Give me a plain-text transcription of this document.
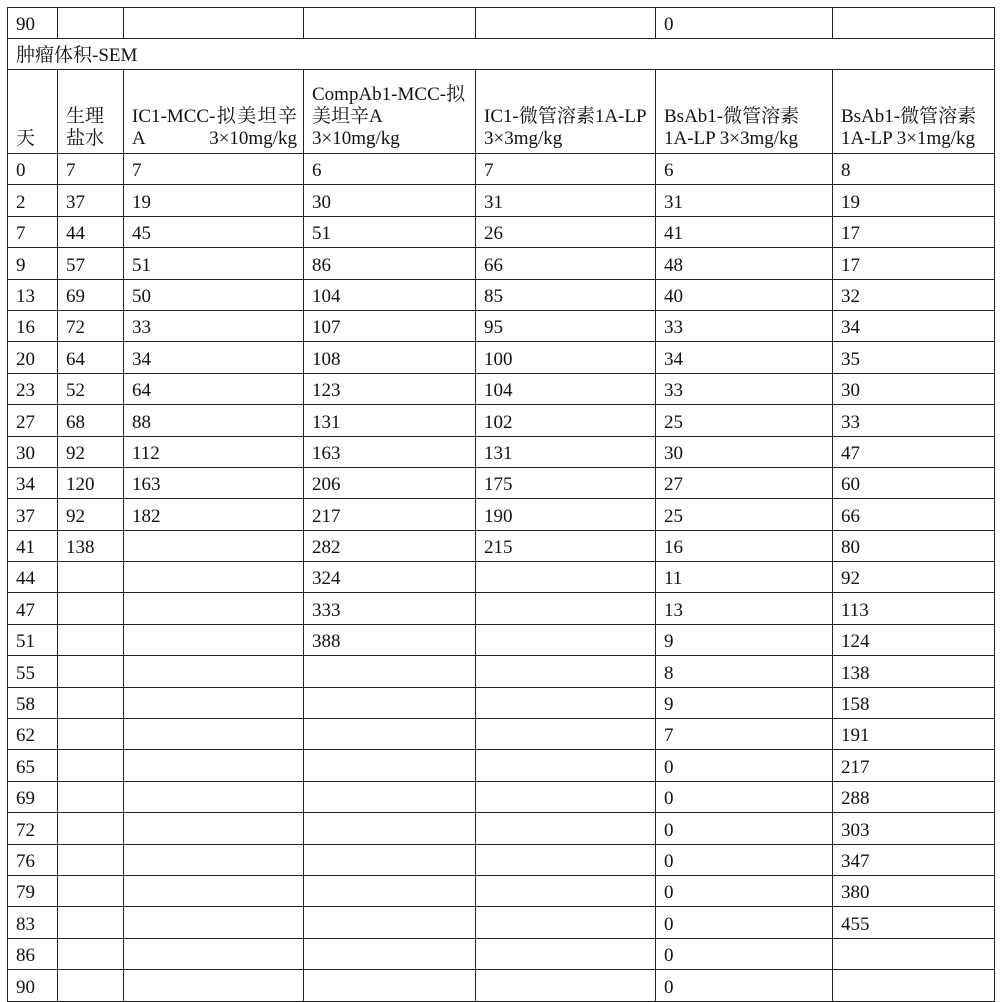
90					0	
肿瘤体积-SEM						
天	生理盐水	IC1-MCC-拟美坦辛A 3×10mg/kg	CompAb1-MCC-拟美坦辛A 3×10mg/kg	IC1-微管溶素1A-LP 3×3mg/kg	BsAb1-微管溶素1A-LP 3×3mg/kg	BsAb1-微管溶素1A-LP 3×1mg/kg
0	7	7	6	7	6	8
2	37	19	30	31	31	19
7	44	45	51	26	41	17
9	57	51	86	66	48	17
13	69	50	104	85	40	32
16	72	33	107	95	33	34
20	64	34	108	100	34	35
23	52	64	123	104	33	30
27	68	88	131	102	25	33
30	92	112	163	131	30	47
34	120	163	206	175	27	60
37	92	182	217	190	25	66
41	138		282	215	16	80
44			324		11	92
47			333		13	113
51			388		9	124
55					8	138
58					9	158
62					7	191
65					0	217
69					0	288
72					0	303
76					0	347
79					0	380
83					0	455
86					0	
90					0	
